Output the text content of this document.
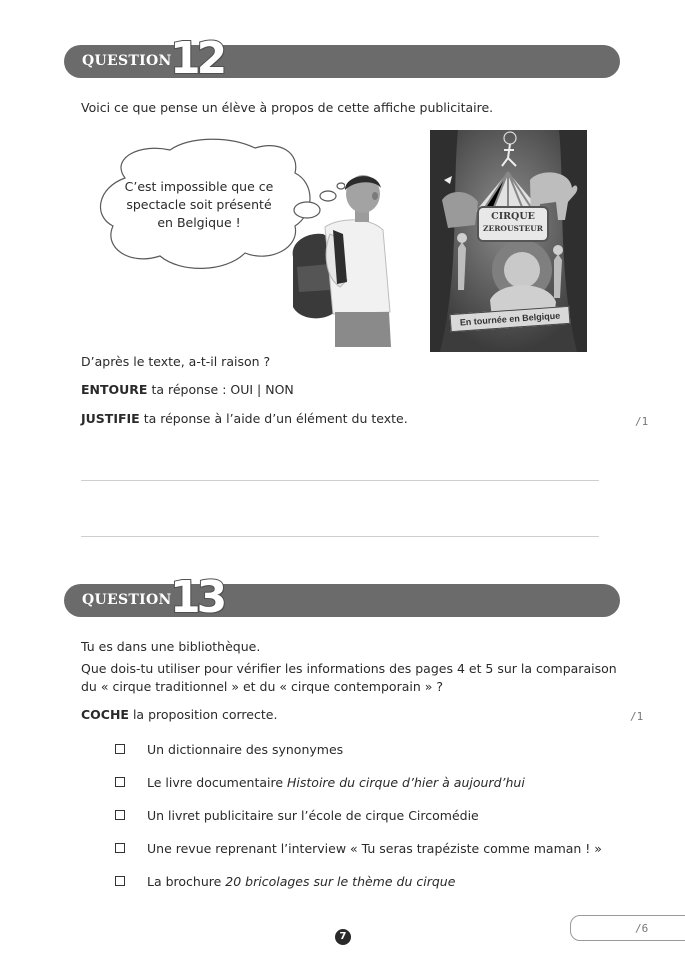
QUESTION
12
Voici ce que pense un élève à propos de cette affiche publicitaire.
C’est impossible que ce
spectacle soit présenté
en Belgique !	CIRQUE
ZEROUSTEUR
En tournée en Belgique
D’après le texte, a-t-il raison ?
ENTOURE ta réponse : OUI | NON
JUSTIFIE ta réponse à l’aide d’un élément du texte.	/1
QUESTION
13
Tu es dans une bibliothèque.
Que dois-tu utiliser pour vérifier les informations des pages 4 et 5 sur la comparaison du « cirque traditionnel » et du « cirque contemporain » ?
COCHE la proposition correcte.	/1
Un dictionnaire des synonymes
Le livre documentaire Histoire du cirque d’hier à aujourd’hui
Un livret publicitaire sur l’école de cirque Circomédie
Une revue reprenant l’interview « Tu seras trapéziste comme maman ! »
La brochure 20 bricolages sur le thème du cirque
7
/6
